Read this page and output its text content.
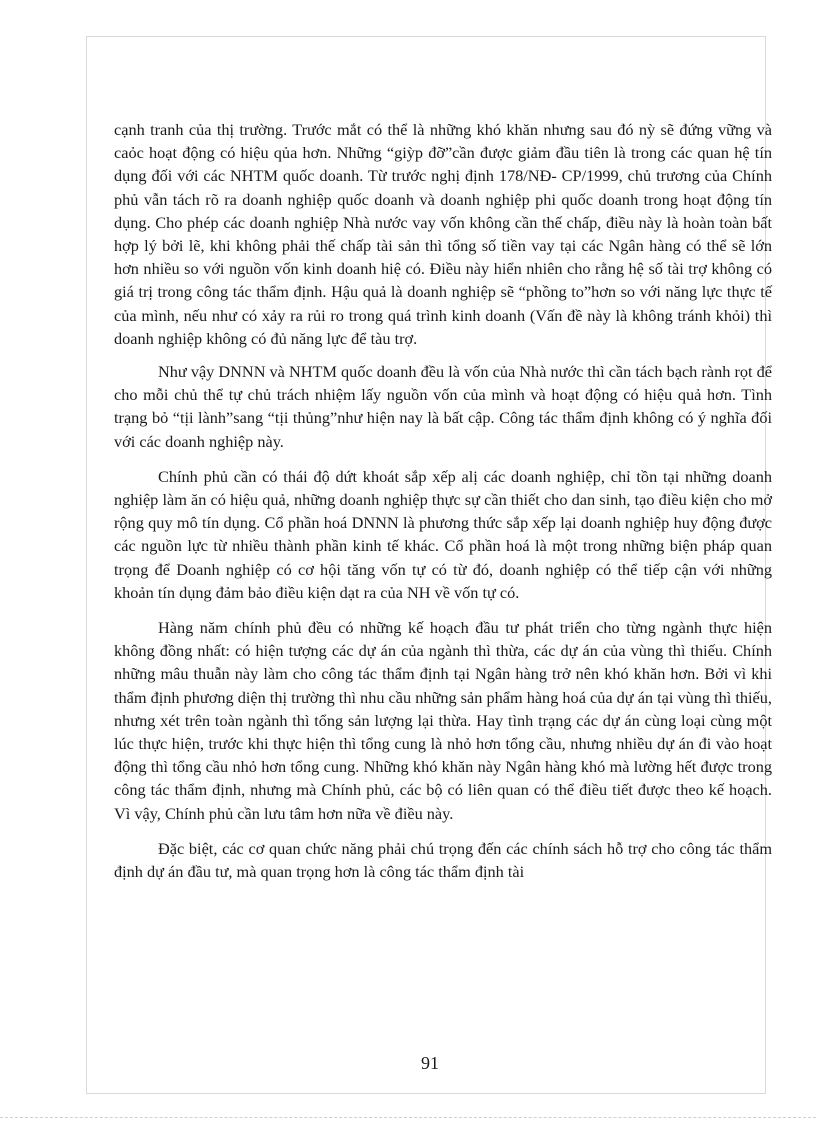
cạnh tranh của thị trường. Trước mắt có thể là những khó khăn nhưng sau đó nỳ sẽ đứng vững và caỏc hoạt động có hiệu qủa hơn. Những “giỳp đỡ”cần được giảm đầu tiên là trong các quan hệ tín dụng đối với các NHTM quốc doanh. Từ trước nghị định 178/NĐ- CP/1999, chủ trương của Chính phủ vẫn tách rõ ra doanh nghiệp quốc doanh và doanh nghiệp phi quốc doanh trong hoạt động tín dụng. Cho phép các doanh nghiệp Nhà nước vay vốn không cần thế chấp, điều này là hoàn toàn bất hợp lý bởi lẽ, khi không phải thế chấp tài sản thì tổng số tiền vay tại các Ngân hàng có thể sẽ lớn hơn nhiều so với nguồn vốn kinh doanh hiệ có. Điều này hiển nhiên cho rằng hệ số tài trợ không có giá trị trong công tác thẩm định. Hậu quả là doanh nghiệp sẽ “phồng to”hơn so với năng lực thực tế của mình, nếu như có xảy ra rủi ro trong quá trình kinh doanh (Vấn đề này là không tránh khỏi) thì doanh nghiệp không có đủ năng lực để tàu trợ.

Như vậy DNNN và NHTM quốc doanh đều là vốn của Nhà nước thì cần tách bạch rành rọt để cho mỗi chủ thể tự chủ trách nhiệm lấy nguồn vốn của mình và hoạt động có hiệu quả hơn. Tình trạng bỏ “tịi lành”sang “tịi thủng”như hiện nay là bất cập. Công tác thẩm định không có ý nghĩa đối với các doanh nghiệp này.

Chính phủ cần có thái độ dứt khoát sắp xếp alị các doanh nghiệp, chỉ tồn tại những doanh nghiệp làm ăn có hiệu quả, những doanh nghiệp thực sự cần thiết cho dan sinh, tạo điều kiện cho mở rộng quy mô tín dụng. Cổ phần hoá DNNN là phương thức sắp xếp lại doanh nghiệp huy động được các nguồn lực từ nhiều thành phần kinh tế khác. Cổ phần hoá là một trong những biện pháp quan trọng để Doanh nghiệp có cơ hội tăng vốn tự có từ đó, doanh nghiệp có thể tiếp cận với những khoản tín dụng đảm bảo điều kiện dạt ra của NH về vốn tự có.

Hàng năm chính phủ đều có những kế hoạch đầu tư phát triển cho từng ngành thực hiện không đồng nhất: có hiện tượng các dự án của ngành thì thừa, các dự án của vùng thì thiếu. Chính những mâu thuẫn này làm cho công tác thẩm định tại Ngân hàng trở nên khó khăn hơn. Bởi vì khi thẩm định phương diện thị trường thì nhu cầu những sản phẩm hàng hoá của dự án tại vùng thì thiếu, nhưng xét trên toàn ngành thì tổng sản lượng lại thừa. Hay tình trạng các dự án cùng loại cùng một lúc thực hiện, trước khi thực hiện thì tổng cung là nhỏ hơn tổng cầu, nhưng nhiều dự án đi vào hoạt động thì tổng cầu nhỏ hơn tổng cung. Những khó khăn này Ngân hàng khó mà lường hết được trong công tác thẩm định, nhưng mà Chính phủ, các bộ có liên quan có thể điều tiết được theo kế hoạch. Vì vậy, Chính phủ cần lưu tâm hơn nữa về điều này.

Đặc biệt, các cơ quan chức năng phải chú trọng đến các chính sách hỗ trợ cho công tác thẩm định dự án đầu tư, mà quan trọng hơn là công tác thẩm định tài

91
